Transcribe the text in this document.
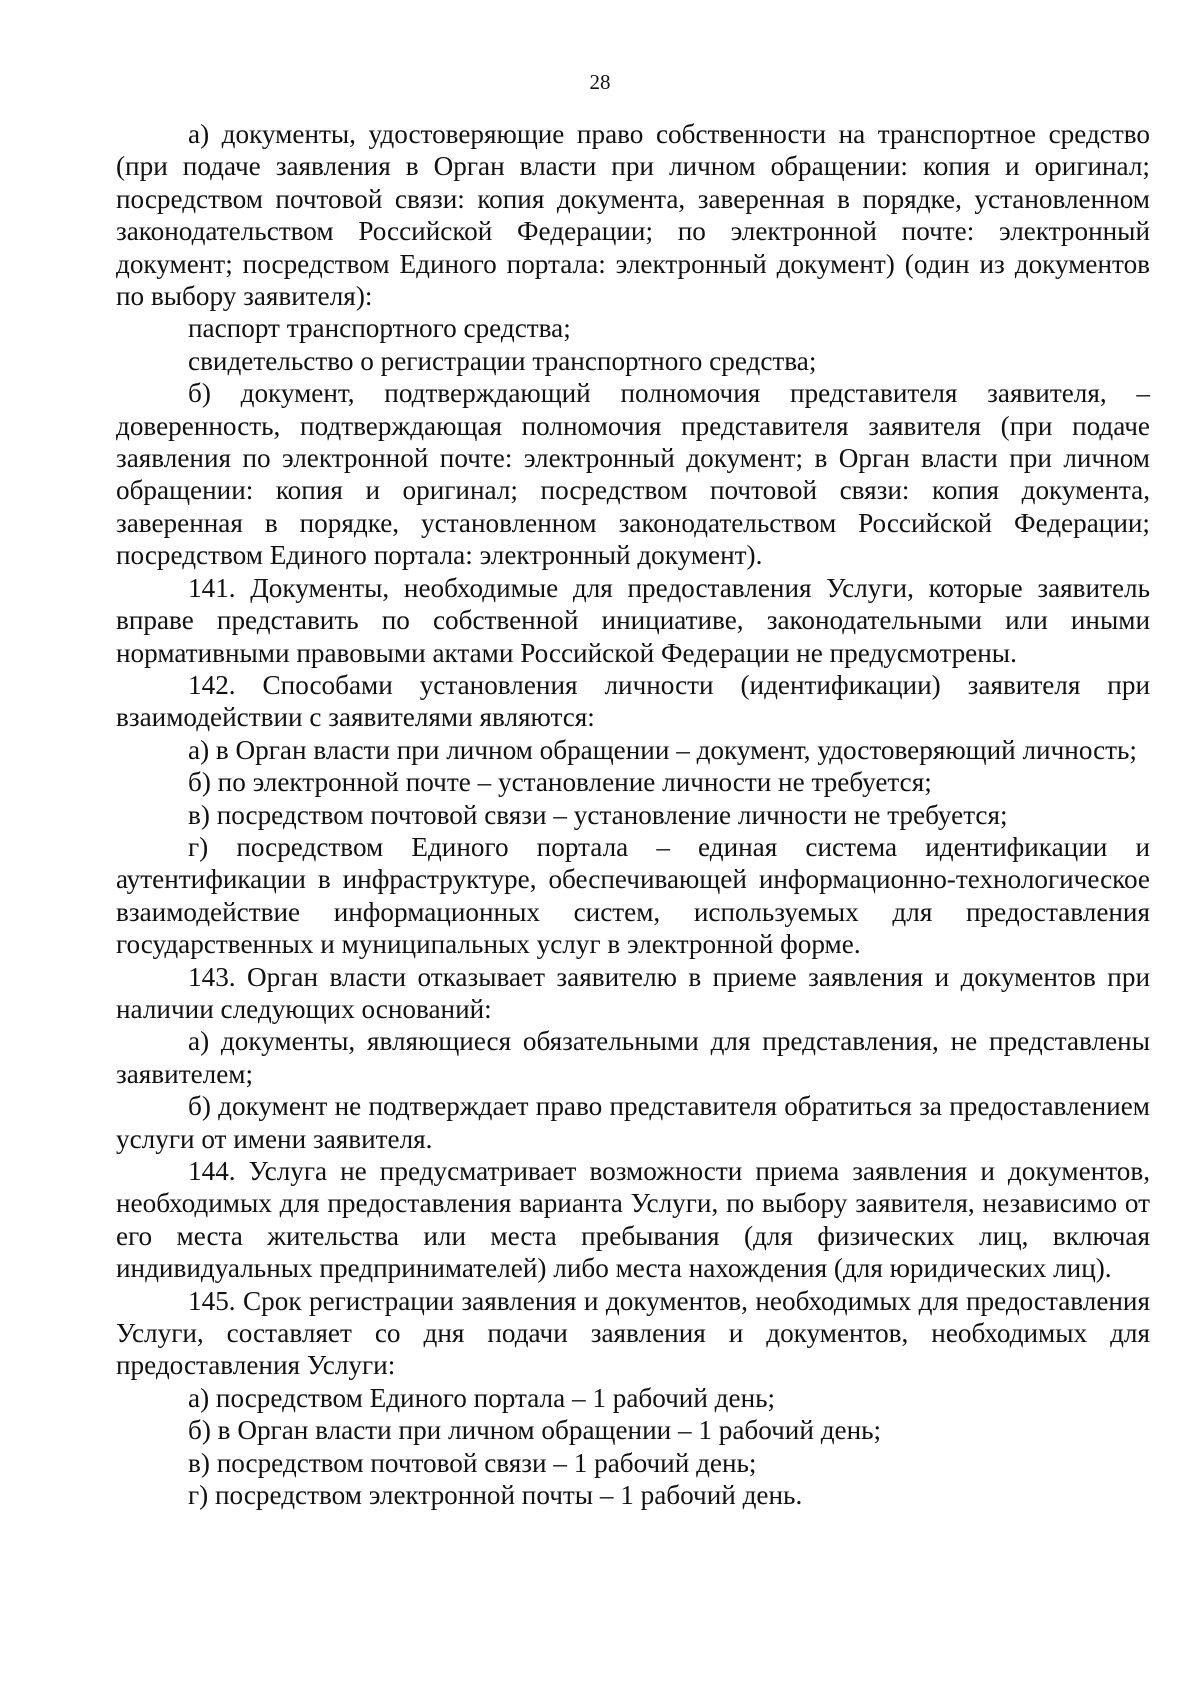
28

а) документы, удостоверяющие право собственности на транспортное средство (при подаче заявления в Орган власти при личном обращении: копия и оригинал; посредством почтовой связи: копия документа, заверенная в порядке, установленном законодательством Российской Федерации; по электронной почте: электронный документ; посредством Единого портала: электронный документ) (один из документов по выбору заявителя):

паспорт транспортного средства;

свидетельство о регистрации транспортного средства;

б) документ, подтверждающий полномочия представителя заявителя, – доверенность, подтверждающая полномочия представителя заявителя (при подаче заявления по электронной почте: электронный документ; в Орган власти при личном обращении: копия и оригинал; посредством почтовой связи: копия документа, заверенная в порядке, установленном законодательством Российской Федерации; посредством Единого портала: электронный документ).

141. Документы, необходимые для предоставления Услуги, которые заявитель вправе представить по собственной инициативе, законодательными или иными нормативными правовыми актами Российской Федерации не предусмотрены.

142. Способами установления личности (идентификации) заявителя при взаимодействии с заявителями являются:

а) в Орган власти при личном обращении – документ, удостоверяющий личность;

б) по электронной почте – установление личности не требуется;

в) посредством почтовой связи – установление личности не требуется;

г) посредством Единого портала – единая система идентификации и аутентификации в инфраструктуре, обеспечивающей информационно-технологическое взаимодействие информационных систем, используемых для предоставления государственных и муниципальных услуг в электронной форме.

143. Орган власти отказывает заявителю в приеме заявления и документов при наличии следующих оснований:

а) документы, являющиеся обязательными для представления, не представлены заявителем;

б) документ не подтверждает право представителя обратиться за предоставлением услуги от имени заявителя.

144. Услуга не предусматривает возможности приема заявления и документов, необходимых для предоставления варианта Услуги, по выбору заявителя, независимо от его места жительства или места пребывания (для физических лиц, включая индивидуальных предпринимателей) либо места нахождения (для юридических лиц).

145. Срок регистрации заявления и документов, необходимых для предоставления Услуги, составляет со дня подачи заявления и документов, необходимых для предоставления Услуги:

а) посредством Единого портала – 1 рабочий день;

б) в Орган власти при личном обращении – 1 рабочий день;

в) посредством почтовой связи – 1 рабочий день;

г) посредством электронной почты – 1 рабочий день.
